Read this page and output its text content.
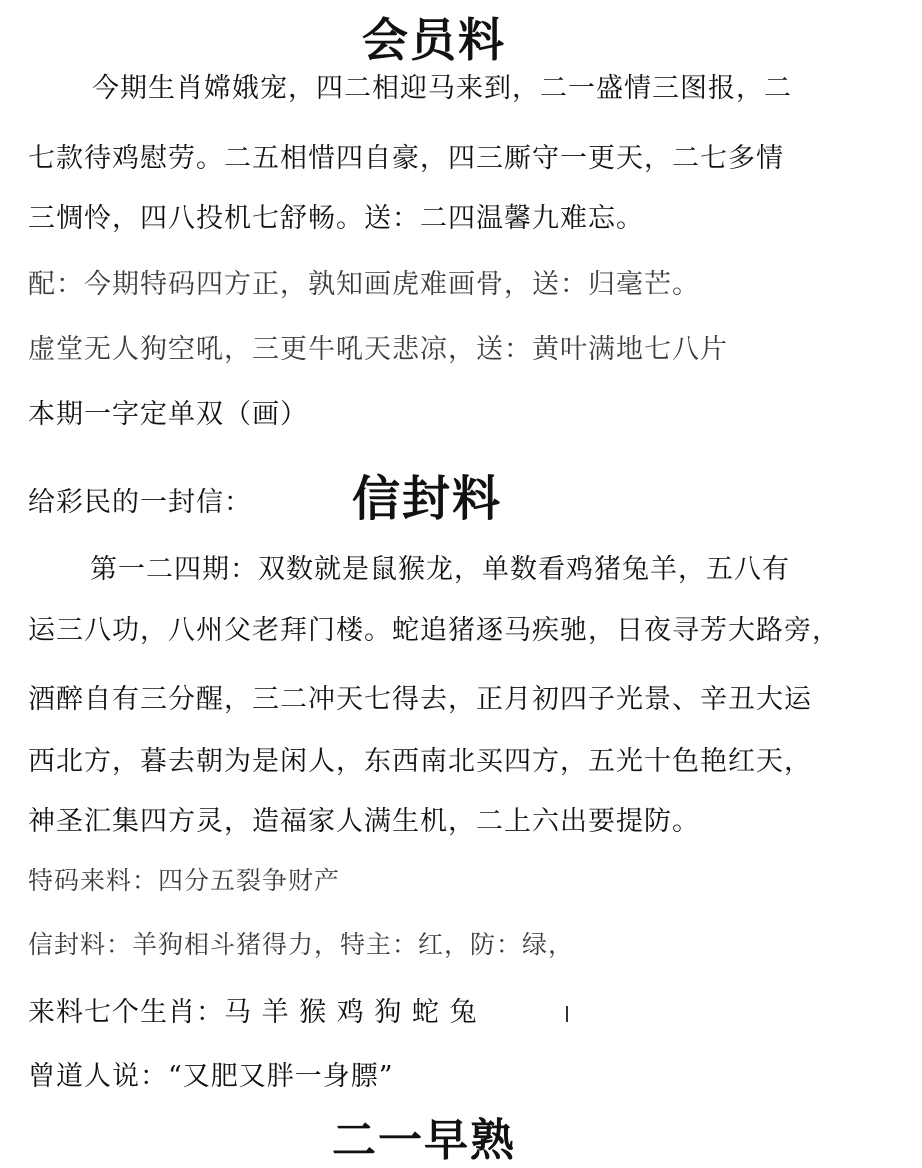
会员料
今期生肖嫦娥宠，四二相迎马来到，二一盛情三图报，二
七款待鸡慰劳。二五相惜四自豪，四三厮守一更天，二七多情
三惆怜，四八投机七舒畅。送：二四温馨九难忘。
配：今期特码四方正，孰知画虎难画骨，送：归毫芒。
虚堂无人狗空吼，三更牛吼天悲凉，送：黄叶满地七八片
本期一字定单双（画）
给彩民的一封信： 信封料
第一二四期：双数就是鼠猴龙，单数看鸡猪兔羊，五八有
运三八功，八州父老拜门楼。蛇追猪逐马疾驰，日夜寻芳大路旁，
酒醉自有三分醒，三二冲天七得去，正月初四子光景、辛丑大运
西北方，暮去朝为是闲人，东西南北买四方，五光十色艳红天，
神圣汇集四方灵，造福家人满生机，二上六出要提防。
特码来料：四分五裂争财产
信封料：羊狗相斗猪得力，特主：红，防：绿，
来料七个生肖：马 羊 猴 鸡 狗 蛇 兔
曾道人说：“又肥又胖一身膘”
二一早熟
